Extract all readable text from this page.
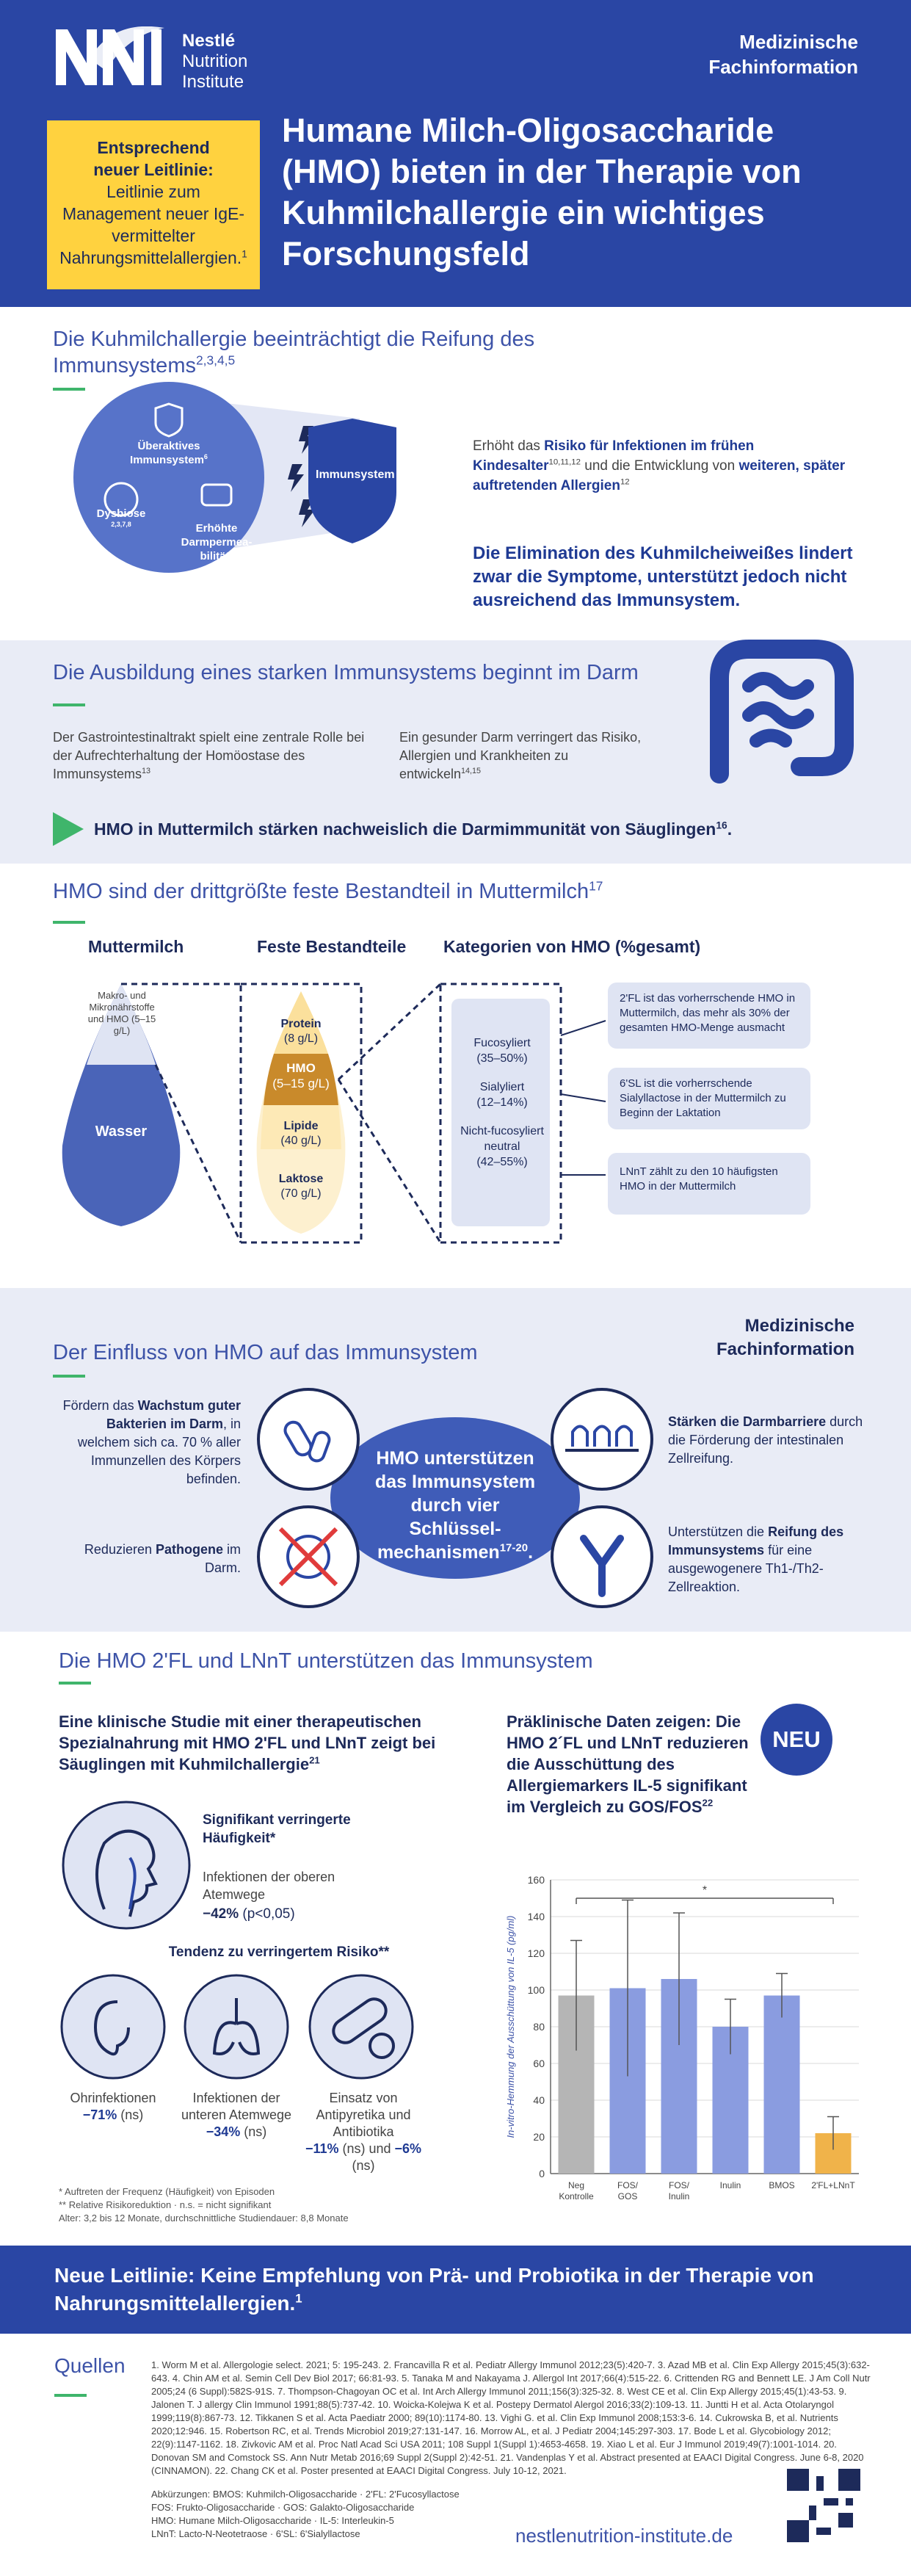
Nestlé
Nutrition
Institute
Medizinische
Fachinformation
Entsprechend
neuer Leitlinie:
Leitlinie zum Management neuer IgE-vermittelter Nahrungsmittelallergien.$^1$
Humane Milch-Oligosaccharide (HMO) bieten in der Therapie von Kuhmilchallergie ein wichtiges Forschungsfeld
Die Kuhmilchallergie beeinträchtigt die Reifung des Immunsystems$^{2,3,4,5}$
Überaktives Immunsystem$^6$
Dysbiose
$^{2,3,7,8}$	Erhöhte Darmpermea-bilität$^9$
Immunsystem
Erhöht das Risiko für Infektionen im frühen Kindesalter$^{10,11,12}$ und die Entwicklung von weiteren, später auftretenden Allergien$^{12}$
Die Elimination des Kuhmilcheiweißes lindert zwar die Symptome, unterstützt jedoch nicht ausreichend das Immunsystem.
Die Ausbildung eines starken Immunsystems beginnt im Darm
Der Gastrointestinaltrakt spielt eine zentrale Rolle bei der Aufrechterhaltung der Homöostase des Immunsystems$^{13}$
Ein gesunder Darm verringert das Risiko, Allergien und Krankheiten zu entwickeln$^{14,15}$
HMO in Muttermilch stärken nachweislich die Darmimmunität von Säuglingen$^{16}$.
HMO sind der drittgrößte feste Bestandteil in Muttermilch$^{17}$
Muttermilch	Feste Bestandteile Kategorien von HMO (%gesamt)
Makro- und Mikronährstoffe und HMO (5–15 g/L)
Wasser
Protein
(8 g/L)
HMO
(5–15 g/L)
Lipide
(40 g/L)
Laktose
(70 g/L)
Fucosyliert
(35–50%)
Sialyliert
(12–14%)
Nicht-fucosyliert neutral
(42–55%)
2'FL ist das vorherrschende HMO in Muttermilch, das mehr als 30% der gesamten HMO-Menge ausmacht
6'SL ist die vorherrschende Sialyllactose in der Muttermilch zu Beginn der Laktation
LNnT zählt zu den 10 häufigsten HMO in der Muttermilch
Medizinische
Fachinformation
Der Einfluss von HMO auf das Immunsystem
Fördern das Wachstum guter Bakterien im Darm, in welchem sich ca. 70 % aller Immunzellen des Körpers befinden.
Reduzieren Pathogene im Darm.
HMO unterstützen das Immunsystem durch vier Schlüssel-mechanismen$^{17-20}$.
Stärken die Darmbarriere durch die Förderung der intestinalen Zellreifung.
Unterstützen die Reifung des Immunsystems für eine ausgewogenere Th1-/Th2-Zellreaktion.
Die HMO 2'FL und LNnT unterstützen das Immunsystem
Eine klinische Studie mit einer therapeutischen Spezialnahrung mit HMO 2'FL und LNnT zeigt bei Säuglingen mit Kuhmilchallergie$^{21}$
Signifikant verringerte Häufigkeit*
Infektionen der oberen Atemwege
−42% (p<0,05)
Tendenz zu verringertem Risiko**
Ohrinfektionen
−71% (ns)
Infektionen der unteren Atemwege
−34% (ns)
Einsatz von Antipyretika und Antibiotika
−11% (ns) und −6% (ns)
* Auftreten der Frequenz (Häufigkeit) von Episoden
** Relative Risikoreduktion · n.s. = nicht signifikant
Alter: 3,2 bis 12 Monate, durchschnittliche Studiendauer: 8,8 Monate
Präklinische Daten zeigen: Die HMO 2´FL und LNnT reduzieren die Ausschüttung des Allergiemarkers IL-5 signifikant im Vergleich zu GOS/FOS$^{22}$
NEU
0
20
40
60
80
100
120
140
160
Neg
Kontrolle
FOS/
GOS
FOS/
Inulin
Inulin	BMOS 2'FL+LNnT
*
In-vitro-Hemmung der Ausschüttung von IL-5 (pg/ml)
Neue Leitlinie: Keine Empfehlung von Prä- und Probiotika in der Therapie von Nahrungsmittelallergien.$^1$
Quellen	1. Worm M et al. Allergologie select. 2021; 5: 195-243. 2. Francavilla R et al. Pediatr Allergy Immunol 2012;23(5):420-7. 3. Azad MB et al. Clin Exp Allergy 2015;45(3):632-643. 4. Chin AM et al. Semin Cell Dev Biol 2017; 66:81-93. 5. Tanaka M and Nakayama J. Allergol Int 2017;66(4):515-22. 6. Crittenden RG and Bennett LE. J Am Coll Nutr 2005;24 (6 Suppl):582S-91S. 7. Thompson-Chagoyan OC et al. Int Arch Allergy Immunol 2011;156(3):325-32. 8. West CE et al. Clin Exp Allergy 2015;45(1):43-53. 9. Jalonen T. J allergy Clin Immunol 1991;88(5):737-42. 10. Woicka-Kolejwa K et al. Postepy Dermatol Alergol 2016;33(2):109-13. 11. Juntti H et al. Acta Otolaryngol 1999;119(8):867-73. 12. Tikkanen S et al. Acta Paediatr 2000; 89(10):1174-80. 13. Vighi G. et al. Clin Exp Immunol 2008;153:3-6. 14. Cukrowska B, et al. Nutrients 2020;12:946. 15. Robertson RC, et al. Trends Microbiol 2019;27:131-147. 16. Morrow AL, et al. J Pediatr 2004;145:297-303. 17. Bode L et al. Glycobiology 2012; 22(9):1147-1162. 18. Zivkovic AM et al. Proc Natl Acad Sci USA 2011; 108 Suppl 1(Suppl 1):4653-4658. 19. Xiao L et al. Eur J Immunol 2019;49(7):1001-1014. 20. Donovan SM and Comstock SS. Ann Nutr Metab 2016;69 Suppl 2(Suppl 2):42-51. 21. Vandenplas Y et al. Abstract presented at EAACI Digital Congress. June 6-8, 2020 (CINNAMON). 22. Chang CK et al. Poster presented at EAACI Digital Congress. July 10-12, 2021.
Abkürzungen: BMOS: Kuhmilch-Oligosaccharide · 2'FL: 2'Fucosyllactose
FOS: Frukto-Oligosaccharide · GOS: Galakto-Oligosaccharide
HMO: Humane Milch-Oligosaccharide · IL-5: Interleukin-5
LNnT: Lacto-N-Neotetraose · 6'SL: 6'Sialyllactose	nestlenutrition-institute.de
